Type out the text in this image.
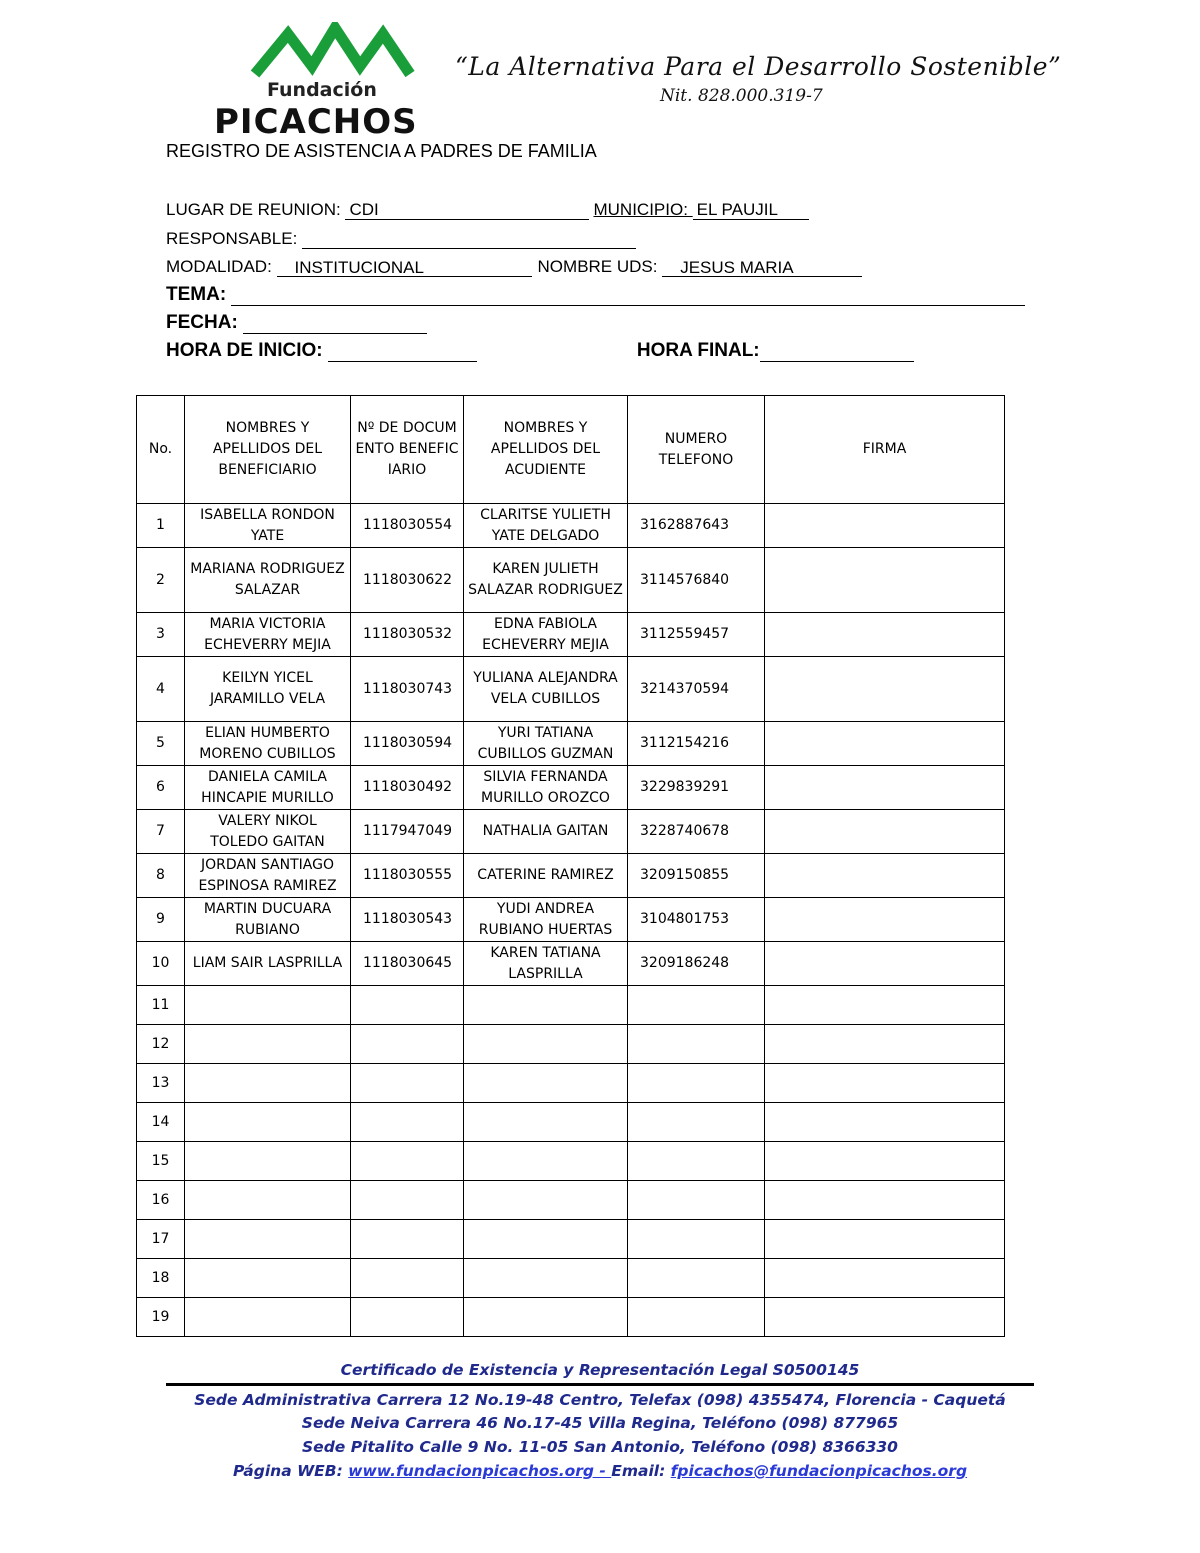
Fundación
PICACHOS
“La Alternativa Para el Desarrollo Sostenible”
Nit. 828.000.319-7
REGISTRO DE ASISTENCIA A PADRES DE FAMILIA
LUGAR DE REUNION: CDI	MUNICIPIO: EL PAUJIL
RESPONSABLE:
MODALIDAD: INSTITUCIONAL	NOMBRE UDS: JESUS MARIA
TEMA:
FECHA:
HORA DE INICIO:	HORA FINAL:
No.	NOMBRES Y APELLIDOS DEL BENEFICIARIO	Nº DE DOCUMENTO BENEFICIARIO	NOMBRES Y APELLIDOS DEL ACUDIENTE	NUMERO TELEFONO	FIRMA
1	ISABELLA RONDON YATE	1118030554	CLARITSE YULIETH YATE DELGADO	3162887643	
2	MARIANA RODRIGUEZ SALAZAR	1118030622	KAREN JULIETH SALAZAR RODRIGUEZ	3114576840	
3	MARIA VICTORIA ECHEVERRY MEJIA	1118030532	EDNA FABIOLA ECHEVERRY MEJIA	3112559457	
4	KEILYN YICEL JARAMILLO VELA	1118030743	YULIANA ALEJANDRA VELA CUBILLOS	3214370594	
5	ELIAN HUMBERTO MORENO CUBILLOS	1118030594	YURI TATIANA CUBILLOS GUZMAN	3112154216	
6	DANIELA CAMILA HINCAPIE MURILLO	1118030492	SILVIA FERNANDA MURILLO OROZCO	3229839291	
7	VALERY NIKOL TOLEDO GAITAN	1117947049	NATHALIA GAITAN	3228740678	
8	JORDAN SANTIAGO ESPINOSA RAMIREZ	1118030555	CATERINE RAMIREZ	3209150855	
9	MARTIN DUCUARA RUBIANO	1118030543	YUDI ANDREA RUBIANO HUERTAS	3104801753	
10	LIAM SAIR LASPRILLA	1118030645	KAREN TATIANA LASPRILLA	3209186248	
11					
12					
13					
14					
15					
16					
17					
18					
19					
Certificado de Existencia y Representación Legal S0500145
Sede Administrativa Carrera 12 No.19-48 Centro, Telefax (098) 4355474, Florencia - Caquetá
Sede Neiva Carrera 46 No.17-45 Villa Regina, Teléfono (098) 877965
Sede Pitalito Calle 9 No. 11-05 San Antonio, Teléfono (098) 8366330
Página WEB: www.fundacionpicachos.org - Email: fpicachos@fundacionpicachos.org
